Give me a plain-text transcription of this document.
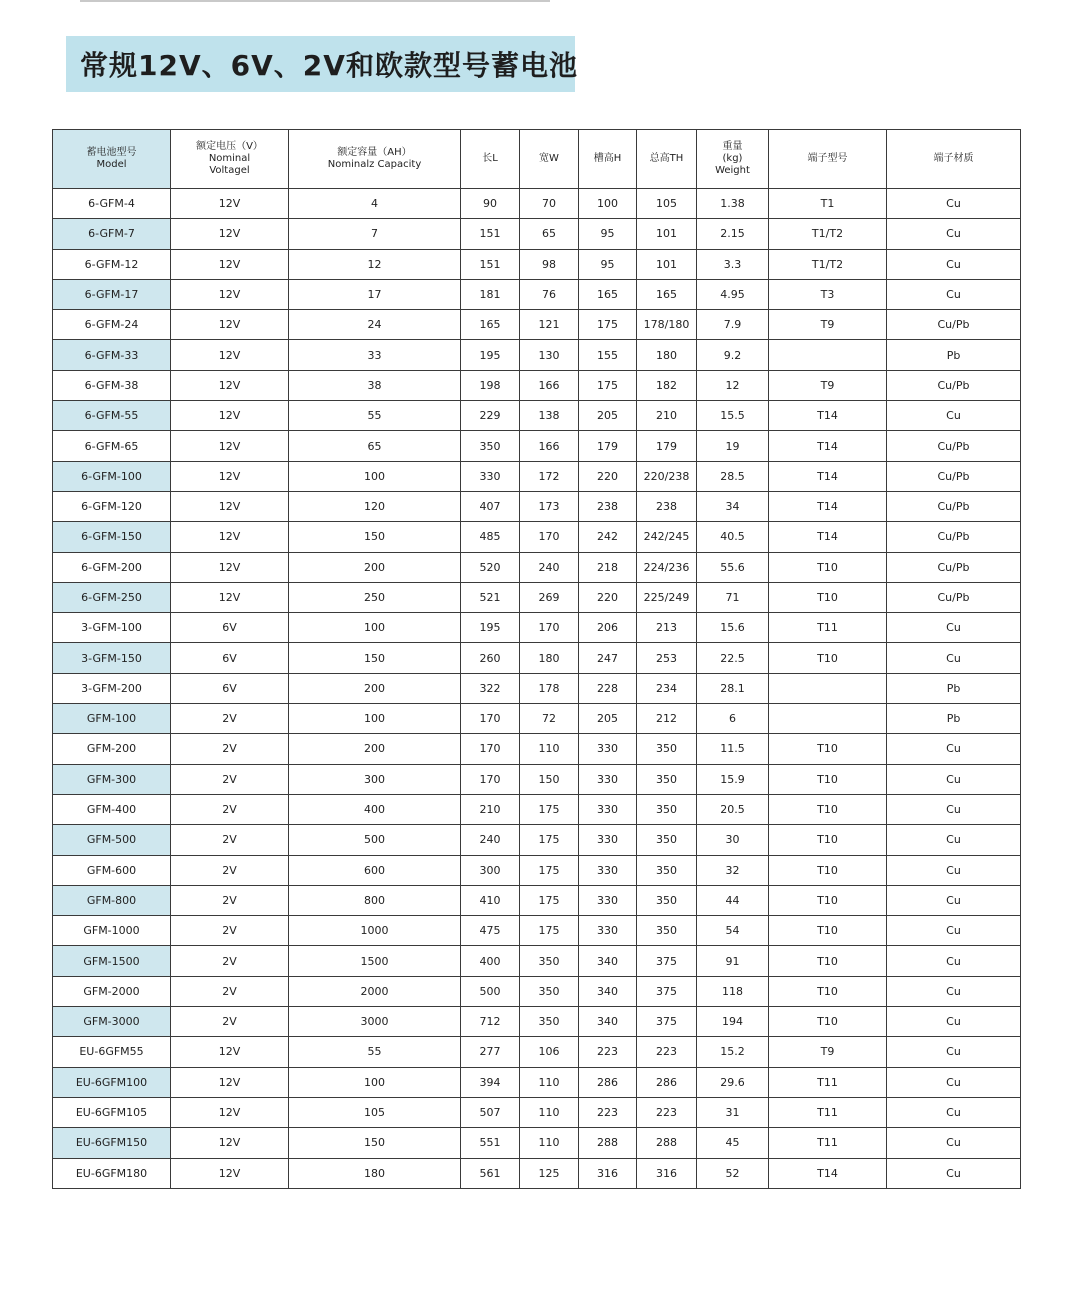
常规12V、6V、2V和欧款型号蓄电池
蓄电池型号
Model	额定电压（V）
Nominal
Voltagel	额定容量（AH）
Nominalz Capacity	长L	宽W	槽高H	总高TH	重量
(kg)
Weight	端子型号	端子材质
6-GFM-4	12V	4	90	70	100	105	1.38	T1	Cu
6-GFM-7	12V	7	151	65	95	101	2.15	T1/T2	Cu
6-GFM-12	12V	12	151	98	95	101	3.3	T1/T2	Cu
6-GFM-17	12V	17	181	76	165	165	4.95	T3	Cu
6-GFM-24	12V	24	165	121	175	178/180	7.9	T9	Cu/Pb
6-GFM-33	12V	33	195	130	155	180	9.2		Pb
6-GFM-38	12V	38	198	166	175	182	12	T9	Cu/Pb
6-GFM-55	12V	55	229	138	205	210	15.5	T14	Cu
6-GFM-65	12V	65	350	166	179	179	19	T14	Cu/Pb
6-GFM-100	12V	100	330	172	220	220/238	28.5	T14	Cu/Pb
6-GFM-120	12V	120	407	173	238	238	34	T14	Cu/Pb
6-GFM-150	12V	150	485	170	242	242/245	40.5	T14	Cu/Pb
6-GFM-200	12V	200	520	240	218	224/236	55.6	T10	Cu/Pb
6-GFM-250	12V	250	521	269	220	225/249	71	T10	Cu/Pb
3-GFM-100	6V	100	195	170	206	213	15.6	T11	Cu
3-GFM-150	6V	150	260	180	247	253	22.5	T10	Cu
3-GFM-200	6V	200	322	178	228	234	28.1		Pb
GFM-100	2V	100	170	72	205	212	6		Pb
GFM-200	2V	200	170	110	330	350	11.5	T10	Cu
GFM-300	2V	300	170	150	330	350	15.9	T10	Cu
GFM-400	2V	400	210	175	330	350	20.5	T10	Cu
GFM-500	2V	500	240	175	330	350	30	T10	Cu
GFM-600	2V	600	300	175	330	350	32	T10	Cu
GFM-800	2V	800	410	175	330	350	44	T10	Cu
GFM-1000	2V	1000	475	175	330	350	54	T10	Cu
GFM-1500	2V	1500	400	350	340	375	91	T10	Cu
GFM-2000	2V	2000	500	350	340	375	118	T10	Cu
GFM-3000	2V	3000	712	350	340	375	194	T10	Cu
EU-6GFM55	12V	55	277	106	223	223	15.2	T9	Cu
EU-6GFM100	12V	100	394	110	286	286	29.6	T11	Cu
EU-6GFM105	12V	105	507	110	223	223	31	T11	Cu
EU-6GFM150	12V	150	551	110	288	288	45	T11	Cu
EU-6GFM180	12V	180	561	125	316	316	52	T14	Cu
